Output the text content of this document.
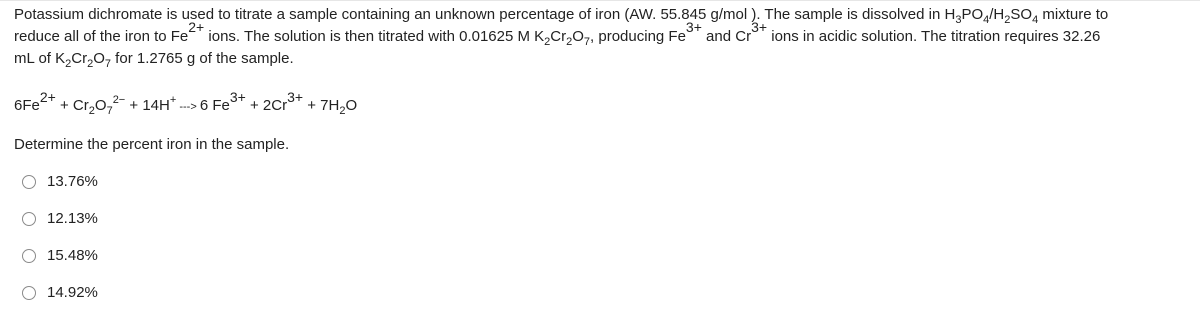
Potassium dichromate is used to titrate a sample containing an unknown percentage of iron (AW. 55.845 g/mol ). The sample is dissolved in $H_3PO_4/H_2SO_4$ mixture to

reduce all of the iron to $Fe^{2+}$ ions. The solution is then titrated with 0.01625 M $K_2Cr_2O_7$, producing $Fe^{3+}$ and $Cr^{3+}$ ions in acidic solution. The titration requires 32.26

mL of $K_2Cr_2O_7$ for 1.2765 g of the sample.

$6Fe^{2+} + Cr_2O_7^{2-} + 14H^+$ ---> 6 $Fe^{3+} + 2Cr^{3+} + 7H_2O$
Determine the percent iron in the sample.
13.76%
12.13%
15.48%
14.92%
